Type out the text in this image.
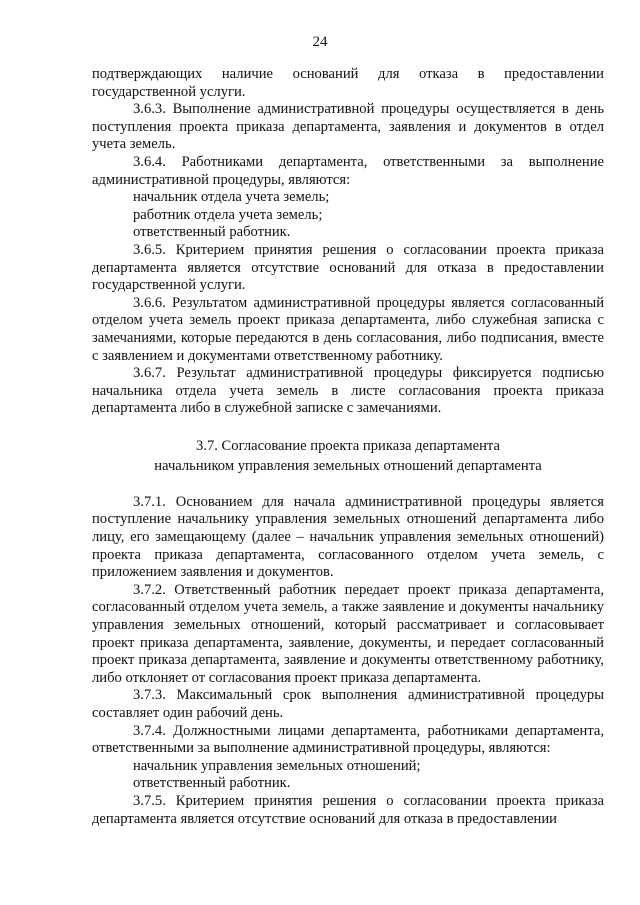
24

подтверждающих наличие оснований для отказа в предоставлении государственной услуги.

3.6.3. Выполнение административной процедуры осуществляется в день поступления проекта приказа департамента, заявления и документов в отдел учета земель.

3.6.4. Работниками департамента, ответственными за выполнение административной процедуры, являются:

начальник отдела учета земель;

работник отдела учета земель;

ответственный работник.

3.6.5. Критерием принятия решения о согласовании проекта приказа департамента является отсутствие оснований для отказа в предоставлении государственной услуги.

3.6.6. Результатом административной процедуры является согласованный отделом учета земель проект приказа департамента, либо служебная записка с замечаниями, которые передаются в день согласования, либо подписания, вместе с заявлением и документами ответственному работнику.

3.6.7. Результат административной процедуры фиксируется подписью начальника отдела учета земель в листе согласования проекта приказа департамента либо в служебной записке с замечаниями.

3.7. Согласование проекта приказа департамента
начальником управления земельных отношений департамента

3.7.1. Основанием для начала административной процедуры является поступление начальнику управления земельных отношений департамента либо лицу, его замещающему (далее – начальник управления земельных отношений) проекта приказа департамента, согласованного отделом учета земель, с приложением заявления и документов.

3.7.2. Ответственный работник передает проект приказа департамента, согласованный отделом учета земель, а также заявление и документы начальнику управления земельных отношений, который рассматривает и согласовывает проект приказа департамента, заявление, документы, и передает согласованный проект приказа департамента, заявление и документы ответственному работнику, либо отклоняет от согласования проект приказа департамента.

3.7.3. Максимальный срок выполнения административной процедуры составляет один рабочий день.

3.7.4. Должностными лицами департамента, работниками департамента, ответственными за выполнение административной процедуры, являются:

начальник управления земельных отношений;

ответственный работник.

3.7.5. Критерием принятия решения о согласовании проекта приказа департамента является отсутствие оснований для отказа в предоставлении
